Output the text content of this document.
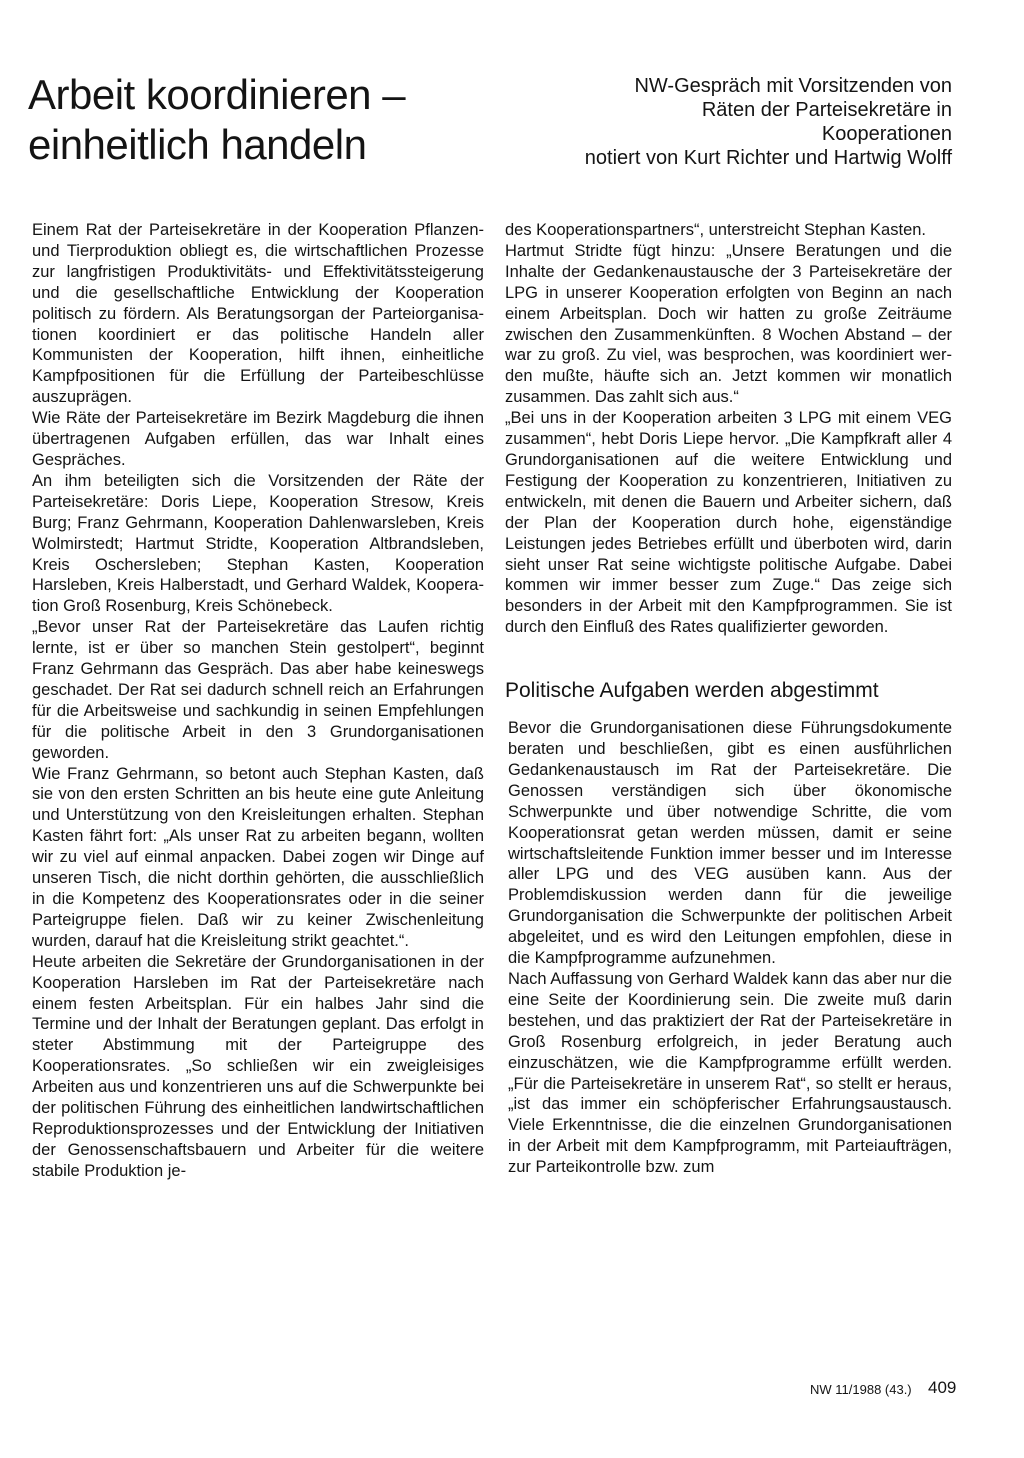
Arbeit koordinieren –
einheitlich handeln
NW-Gespräch mit Vorsitzenden von
Räten der Parteisekretäre in
Kooperationen
notiert von Kurt Richter und Hartwig Wolff

Einem Rat der Parteisekretäre in der Kooperation Pflanzen- und Tierproduktion obliegt es, die wirtschaftlichen Prozesse zur langfristigen Produktivitäts- und Effektivitätssteigerung und die gesellschaftliche Entwicklung der Kooperation politisch zu fördern. Als Beratungsorgan der Parteiorganisationen koordiniert er das politische Handeln aller Kommunisten der Kooperation, hilft ihnen, einheitliche Kampfpositionen für die Erfüllung der Parteibeschlüsse auszuprägen.

Wie Räte der Parteisekretäre im Bezirk Magdeburg die ihnen übertragenen Aufgaben erfüllen, das war Inhalt eines Gespräches.

An ihm beteiligten sich die Vorsitzenden der Räte der Parteisekretäre: Doris Liepe, Kooperation Stresow, Kreis Burg; Franz Gehrmann, Kooperation Dahlenwarsleben, Kreis Wolmirstedt; Hartmut Stridte, Kooperation Altbrandsleben, Kreis Oschersleben; Stephan Kasten, Kooperation Harsleben, Kreis Halberstadt, und Gerhard Waldek, Kooperation Groß Rosenburg, Kreis Schönebeck.

„Bevor unser Rat der Parteisekretäre das Laufen richtig lernte, ist er über so manchen Stein gestolpert“, beginnt Franz Gehrmann das Gespräch. Das aber habe keineswegs geschadet. Der Rat sei dadurch schnell reich an Erfahrungen für die Arbeitsweise und sachkundig in seinen Empfehlungen für die politische Arbeit in den 3 Grundorganisationen geworden.

Wie Franz Gehrmann, so betont auch Stephan Kasten, daß sie von den ersten Schritten an bis heute eine gute Anleitung und Unterstützung von den Kreisleitungen erhalten. Stephan Kasten fährt fort: „Als unser Rat zu arbeiten begann, wollten wir zu viel auf einmal anpacken. Dabei zogen wir Dinge auf unseren Tisch, die nicht dorthin gehörten, die ausschließlich in die Kompetenz des Kooperationsrates oder in die seiner Parteigruppe fielen. Daß wir zu keiner Zwischenleitung wurden, darauf hat die Kreisleitung strikt geachtet.“.

Heute arbeiten die Sekretäre der Grundorganisationen in der Kooperation Harsleben im Rat der Parteisekretäre nach einem festen Arbeitsplan. Für ein halbes Jahr sind die Termine und der Inhalt der Beratungen geplant. Das erfolgt in steter Abstimmung mit der Parteigruppe des Kooperationsrates. „So schließen wir ein zweigleisiges Arbeiten aus und konzentrieren uns auf die Schwerpunkte bei der politischen Führung des einheitlichen landwirtschaftlichen Reproduktionsprozesses und der Entwicklung der Initiativen der Genossenschaftsbauern und Arbeiter für die weitere stabile Produktion je-

des Kooperationspartners“, unterstreicht Stephan Kasten.

Hartmut Stridte fügt hinzu: „Unsere Beratungen und die Inhalte der Gedankenaustausche der 3 Parteisekretäre der LPG in unserer Kooperation erfolgten von Beginn an nach einem Arbeitsplan. Doch wir hatten zu große Zeiträume zwischen den Zusammenkünften. 8 Wochen Abstand – der war zu groß. Zu viel, was besprochen, was koordiniert werden mußte, häufte sich an. Jetzt kommen wir monatlich zusammen. Das zahlt sich aus.“

„Bei uns in der Kooperation arbeiten 3 LPG mit einem VEG zusammen“, hebt Doris Liepe hervor. „Die Kampfkraft aller 4 Grundorganisationen auf die weitere Entwicklung und Festigung der Kooperation zu konzentrieren, Initiativen zu entwickeln, mit denen die Bauern und Arbeiter sichern, daß der Plan der Kooperation durch hohe, eigenständige Leistungen jedes Betriebes erfüllt und überboten wird, darin sieht unser Rat seine wichtigste politische Aufgabe. Dabei kommen wir immer besser zum Zuge.“ Das zeige sich besonders in der Arbeit mit den Kampfprogrammen. Sie ist durch den Einfluß des Rates qualifizierter geworden.

Politische Aufgaben werden abgestimmt

Bevor die Grundorganisationen diese Führungsdokumente beraten und beschließen, gibt es einen ausführlichen Gedankenaustausch im Rat der Parteisekretäre. Die Genossen verständigen sich über ökonomische Schwerpunkte und über notwendige Schritte, die vom Kooperationsrat getan werden müssen, damit er seine wirtschaftsleitende Funktion immer besser und im Interesse aller LPG und des VEG ausüben kann. Aus der Problemdiskussion werden dann für die jeweilige Grundorganisation die Schwerpunkte der politischen Arbeit abgeleitet, und es wird den Leitungen empfohlen, diese in die Kampfprogramme aufzunehmen.

Nach Auffassung von Gerhard Waldek kann das aber nur die eine Seite der Koordinierung sein. Die zweite muß darin bestehen, und das praktiziert der Rat der Parteisekretäre in Groß Rosenburg erfolgreich, in jeder Beratung auch einzuschätzen, wie die Kampfprogramme erfüllt werden. „Für die Parteisekretäre in unserem Rat“, so stellt er heraus, „ist das immer ein schöpferischer Erfahrungsaustausch. Viele Erkenntnisse, die die einzelnen Grundorganisationen in der Arbeit mit dem Kampfprogramm, mit Parteiaufträgen, zur Parteikontrolle bzw. zum

NW 11/1988 (43.) 409
